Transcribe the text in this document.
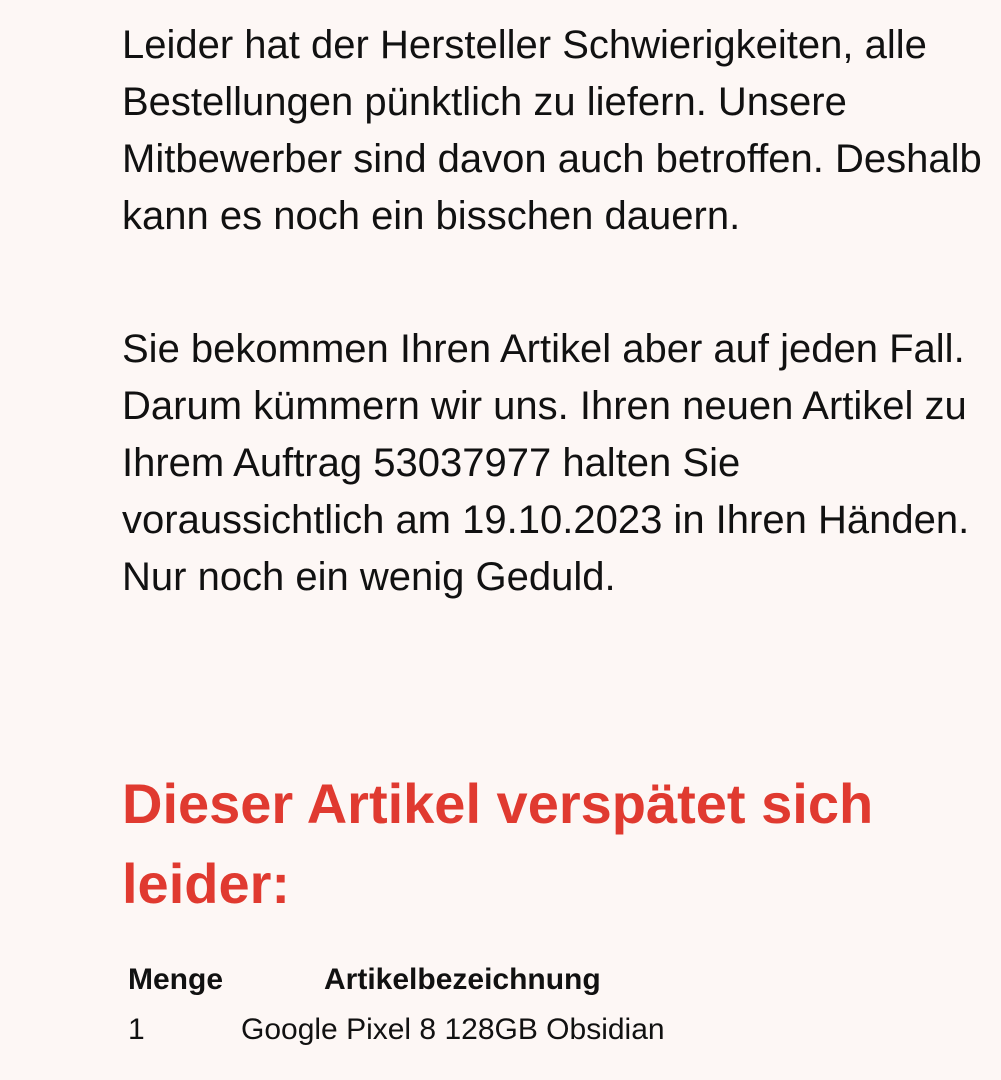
Leider hat der Hersteller Schwierigkeiten, alle Bestellungen pünktlich zu liefern. Unsere Mitbewerber sind davon auch betroffen. Deshalb kann es noch ein bisschen dauern.

Sie bekommen Ihren Artikel aber auf jeden Fall. Darum kümmern wir uns. Ihren neuen Artikel zu Ihrem Auftrag 53037977 halten Sie voraussichtlich am 19.10.2023 in Ihren Händen. Nur noch ein wenig Geduld.

Dieser Artikel verspätet sich leider:
Menge	Artikelbezeichnung
1	Google Pixel 8 128GB Obsidian
